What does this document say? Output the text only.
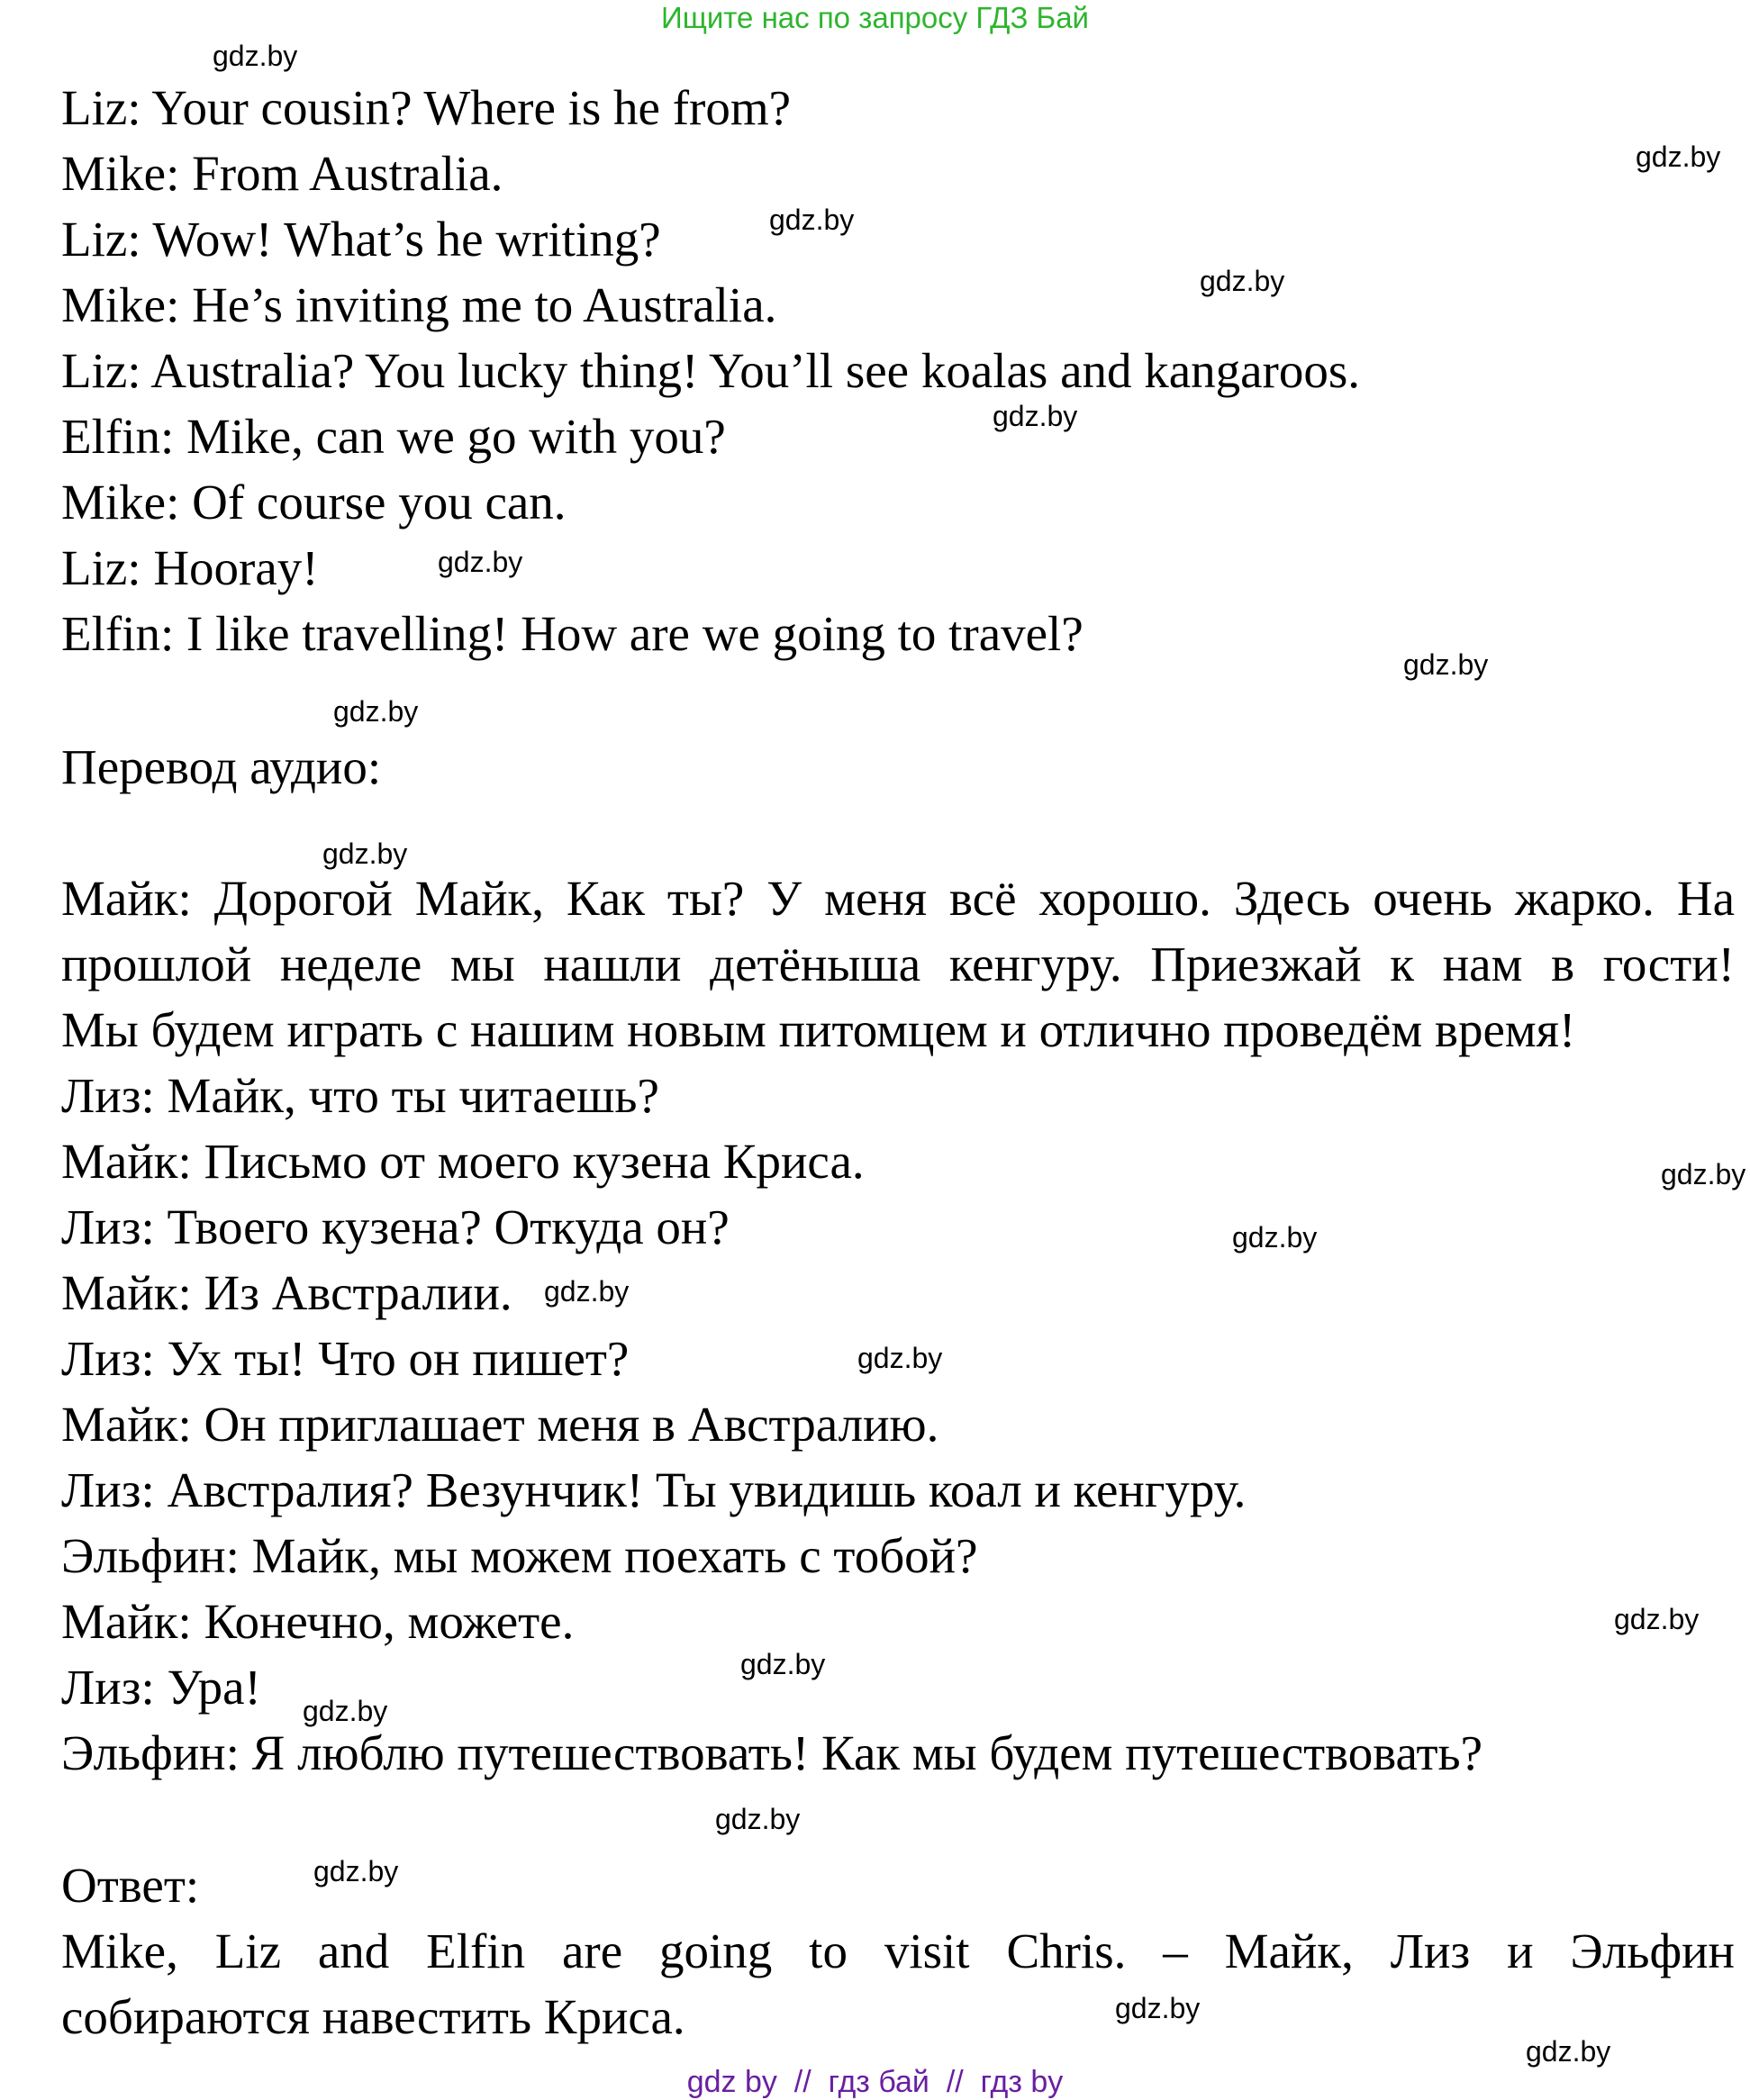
Ищите нас по запросу ГДЗ Бай
Liz: Your cousin? Where is he from?
Mike: From Australia.
Liz: Wow! What’s he writing?
Mike: He’s inviting me to Australia.
Liz: Australia? You lucky thing! You’ll see koalas and kangaroos.
Elfin: Mike, can we go with you?
Mike: Of course you can.
Liz: Hooray!
Elfin: I like travelling! How are we going to travel?
Перевод аудио:
Майк: Дорогой Майк, Как ты? У меня всё хорошо. Здесь очень жарко. На
прошлой неделе мы нашли детёныша кенгуру. Приезжай к нам в гости!
Мы будем играть с нашим новым питомцем и отлично проведём время!
Лиз: Майк, что ты читаешь?
Майк: Письмо от моего кузена Криса.
Лиз: Твоего кузена? Откуда он?
Майк: Из Австралии.
Лиз: Ух ты! Что он пишет?
Майк: Он приглашает меня в Австралию.
Лиз: Австралия? Везунчик! Ты увидишь коал и кенгуру.
Эльфин: Майк, мы можем поехать с тобой?
Майк: Конечно, можете.
Лиз: Ура!
Эльфин: Я люблю путешествовать! Как мы будем путешествовать?
Ответ:
Mike, Liz and Elfin are going to visit Chris. – Майк, Лиз и Эльфин
собираются навестить Криса.
gdz.by
gdz.by
gdz.by
gdz.by
gdz.by
gdz.by
gdz.by
gdz.by
gdz.by
gdz.by
gdz.by
gdz.by
gdz.by
gdz.by
gdz.by
gdz.by
gdz.by
gdz.by
gdz.by
gdz.by
gdz by  //  гдз бай  //  гдз by
